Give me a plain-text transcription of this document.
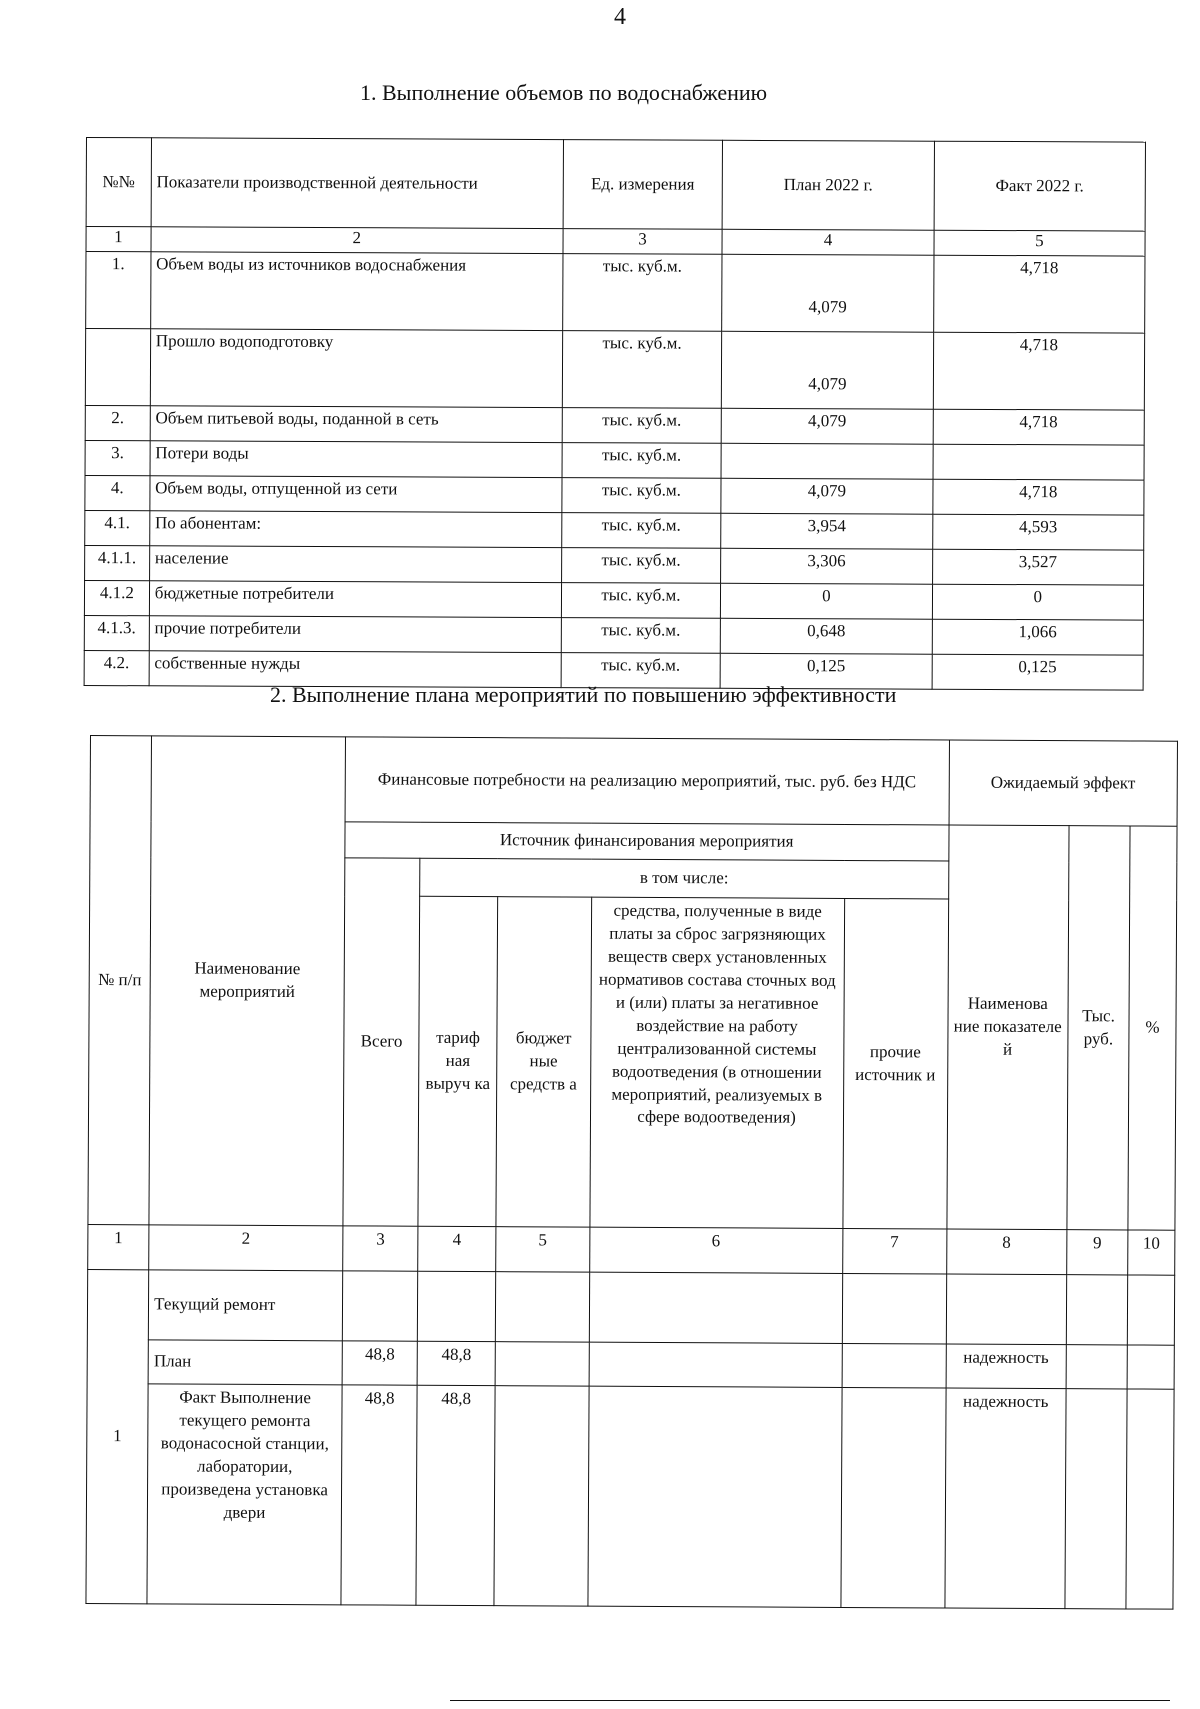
4
1. Выполнение объемов по водоснабжению
№№	Показатели производственной деятельности	Ед. измерения	План 2022 г.	Факт 2022 г.
1	2	3	4	5
1.	Объем воды из источников водоснабжения	тыс. куб.м.	4,079	4,718
	Прошло водоподготовку	тыс. куб.м.	4,079	4,718
2.	Объем питьевой воды, поданной в сеть	тыс. куб.м.	4,079	4,718
3.	Потери воды	тыс. куб.м.		
4.	Объем воды, отпущенной из сети	тыс. куб.м.	4,079	4,718
4.1.	По абонентам:	тыс. куб.м.	3,954	4,593
4.1.1.	население	тыс. куб.м.	3,306	3,527
4.1.2	бюджетные потребители	тыс. куб.м.	0	0
4.1.3.	прочие потребители	тыс. куб.м.	0,648	1,066
4.2.	собственные нужды	тыс. куб.м.	0,125	0,125
2. Выполнение плана мероприятий по повышению эффективности
№ п/п	Наименование мероприятий	Финансовые потребности на реализацию мероприятий, тыс. руб. без НДС					Ожидаемый эффект		
		Источник финансирования мероприятия					Наименова ние показателе й	Тыс. руб.	%
		Всего	в том числе:						
			тариф ная выруч ка	бюджет ные средств а	средства, полученные в виде платы за сброс загрязняющих веществ сверх установленных нормативов состава сточных вод и (или) платы за негативное воздействие на работу централизованной системы водоотведения (в отношении мероприятий, реализуемых в сфере водоотведения)	прочие источник и			
1	2	3	4	5	6	7	8	9	10
1	Текущий ремонт								
	План	48,8	48,8				надежность		
	Факт Выполнение текущего ремонта водонасосной станции, лаборатории, произведена установка двери	48,8	48,8				надежность		
